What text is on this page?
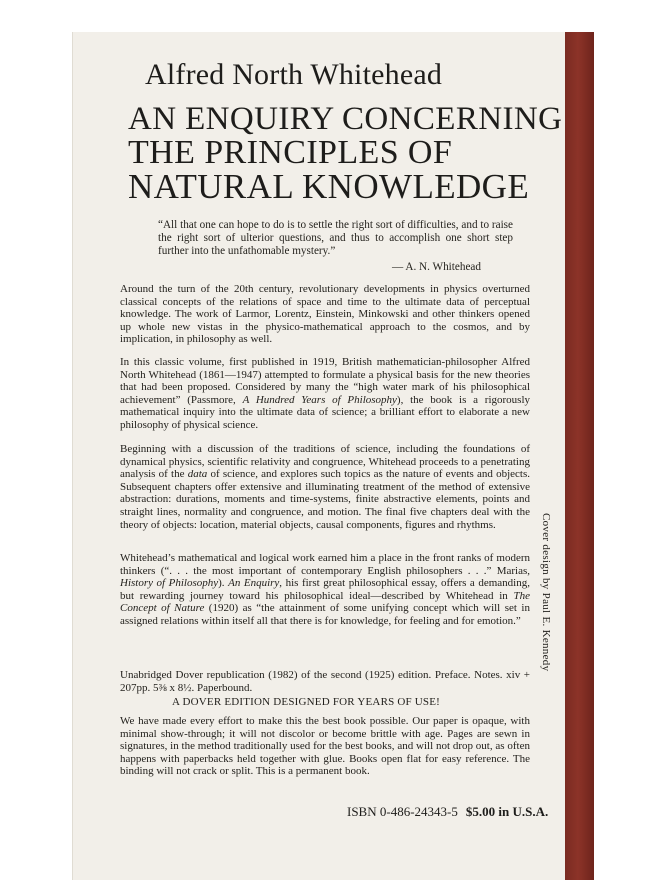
Alfred North Whitehead
AN ENQUIRY CONCERNING
THE PRINCIPLES OF
NATURAL KNOWLEDGE
“All that one can hope to do is to settle the right sort of difficulties, and to raise the right sort of ulterior questions, and thus to accomplish one short step further into the unfathomable mystery.”
— A. N. Whitehead

Around the turn of the 20th century, revolutionary developments in physics overturned classical concepts of the relations of space and time to the ultimate data of perceptual knowledge. The work of Larmor, Lorentz, Einstein, Minkowski and other thinkers opened up whole new vistas in the physico-mathematical approach to the cosmos, and by implication, in philosophy as well.

In this classic volume, first published in 1919, British mathematician-philosopher Alfred North Whitehead (1861—1947) attempted to formulate a physical basis for the new theories that had been proposed. Considered by many the “high water mark of his philosophical achievement” (Passmore, A Hundred Years of Philosophy), the book is a rigorously mathematical inquiry into the ultimate data of science; a brilliant effort to elaborate a new philosophy of physical science.

Beginning with a discussion of the traditions of science, including the foundations of dynamical physics, scientific relativity and congruence, Whitehead proceeds to a penetrating analysis of the data of science, and explores such topics as the nature of events and objects. Subsequent chapters offer extensive and illuminating treatment of the method of extensive abstraction: durations, moments and time-systems, finite abstractive elements, points and straight lines, normality and congruence, and motion. The final five chapters deal with the theory of objects: location, material objects, causal components, figures and rhythms.

Whitehead’s mathematical and logical work earned him a place in the front ranks of modern thinkers (“. . . the most important of contemporary English philosophers . . .” Marias, History of Philosophy). An Enquiry, his first great philosophical essay, offers a demanding, but rewarding journey toward his philosophical ideal—described by Whitehead in The Concept of Nature (1920) as “the attainment of some unifying concept which will set in assigned relations within itself all that there is for knowledge, for feeling and for emotion.”

Unabridged Dover republication (1982) of the second (1925) edition. Preface. Notes. xiv + 207pp. 5⅜ x 8½. Paperbound.

A DOVER EDITION DESIGNED FOR YEARS OF USE!

We have made every effort to make this the best book possible. Our paper is opaque, with minimal show-through; it will not discolor or become brittle with age. Pages are sewn in signatures, in the method traditionally used for the best books, and will not drop out, as often happens with paperbacks held together with glue. Books open flat for easy reference. The binding will not crack or split. This is a permanent book.

ISBN 0-486-24343-5 $5.00 in U.S.A.
Cover design by Paul E. Kennedy
